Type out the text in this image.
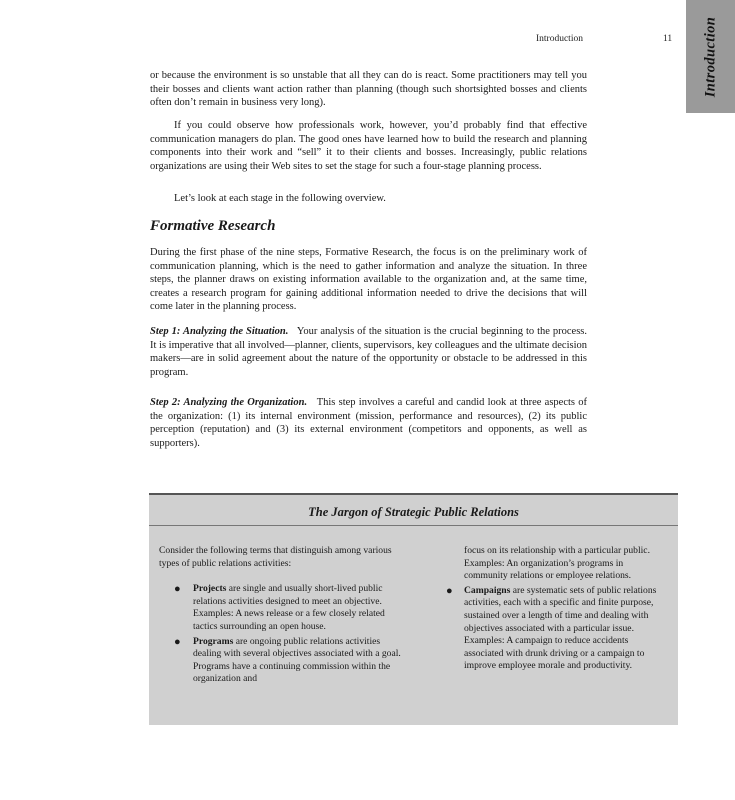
Introduction
Introduction	11

or because the environment is so unstable that all they can do is react. Some practitioners may tell you their bosses and clients want action rather than planning (though such shortsighted bosses and clients often don’t remain in business very long).

If you could observe how professionals work, however, you’d probably find that effective communication managers do plan. The good ones have learned how to build the research and planning components into their work and “sell” it to their clients and bosses. Increasingly, public relations organizations are using their Web sites to set the stage for such a four-stage planning process.

Let’s look at each stage in the following overview.

Formative Research

During the first phase of the nine steps, Formative Research, the focus is on the preliminary work of communication planning, which is the need to gather information and analyze the situation. In three steps, the planner draws on existing information available to the organization and, at the same time, creates a research program for gaining additional information needed to drive the decisions that will come later in the planning process.

Step 1: Analyzing the Situation. Your analysis of the situation is the crucial beginning to the process. It is imperative that all involved—planner, clients, supervisors, key colleagues and the ultimate decision makers—are in solid agreement about the nature of the opportunity or obstacle to be addressed in this program.

Step 2: Analyzing the Organization. This step involves a careful and candid look at three aspects of the organization: (1) its internal environment (mission, performance and resources), (2) its public perception (reputation) and (3) its external environment (competitors and opponents, as well as supporters).

The Jargon of Strategic Public Relations

Consider the following terms that distinguish among various types of public relations activities:

● Projects are single and usually short-lived public relations activities designed to meet an objective. Examples: A news release or a few closely related tactics surrounding an open house.
● Programs are ongoing public relations activities dealing with several objectives associated with a goal. Programs have a continuing commission within the organization and

focus on its relationship with a particular public. Examples: An organization’s programs in community relations or employee relations.

● Campaigns are systematic sets of public relations activities, each with a specific and finite purpose, sustained over a length of time and dealing with objectives associated with a particular issue. Examples: A campaign to reduce accidents associated with drunk driving or a campaign to improve employee morale and productivity.
